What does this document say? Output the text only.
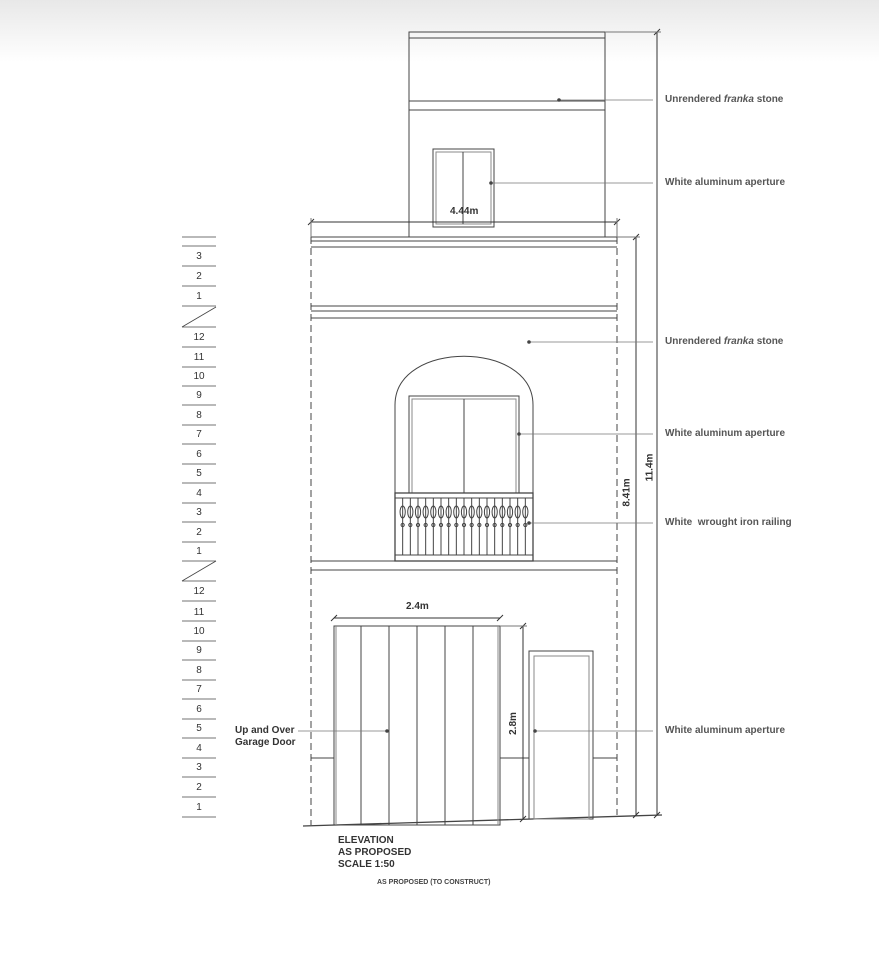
Unrendered franka stone
White aluminum aperture
Unrendered franka stone
White aluminum aperture
White  wrought iron railing
White aluminum aperture
Up and Over
Garage Door
4.44m
2.4m
2.8m
8.41m
11.4m
3
2
1
12
11
10
9
8
7
6
5
4
3
2
1
12
11
10
9
8
7
6
5
4
3
2
1
ELEVATION
AS PROPOSED
SCALE 1:50
AS PROPOSED (TO CONSTRUCT)
